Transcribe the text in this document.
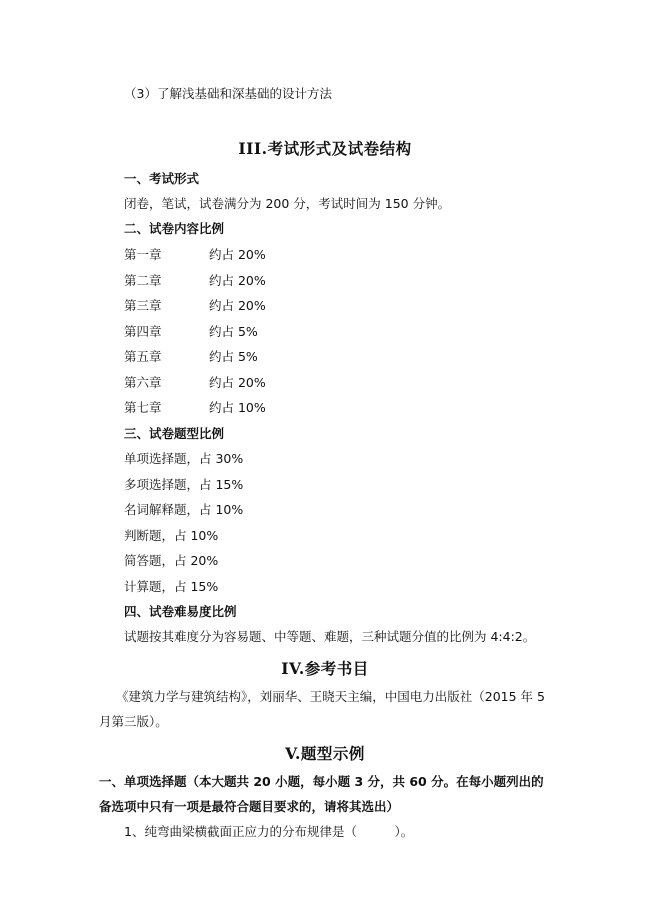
（3）了解浅基础和深基础的设计方法
III.考试形式及试卷结构
一、考试形式
闭卷，笔试，试卷满分为 200 分，考试时间为 150 分钟。
二、试卷内容比例
第一章	约占 20%
第二章	约占 20%
第三章	约占 20%
第四章	约占 5%
第五章	约占 5%
第六章	约占 20%
第七章	约占 10%
三、试卷题型比例
单项选择题，占 30%
多项选择题，占 15%
名词解释题，占 10%
判断题，占 10%
简答题，占 20%
计算题，占 15%
四、试卷难易度比例
试题按其难度分为容易题、中等题、难题，三种试题分值的比例为 4:4:2。
IV.参考书目
《建筑力学与建筑结构》，刘丽华、王晓天主编，中国电力出版社（2015 年 5
月第三版）。
V.题型示例
一、单项选择题（本大题共 20 小题，每小题 3 分，共 60 分。在每小题列出的
备选项中只有一项是最符合题目要求的，请将其选出）
1、纯弯曲梁横截面正应力的分布规律是（　　　）。
